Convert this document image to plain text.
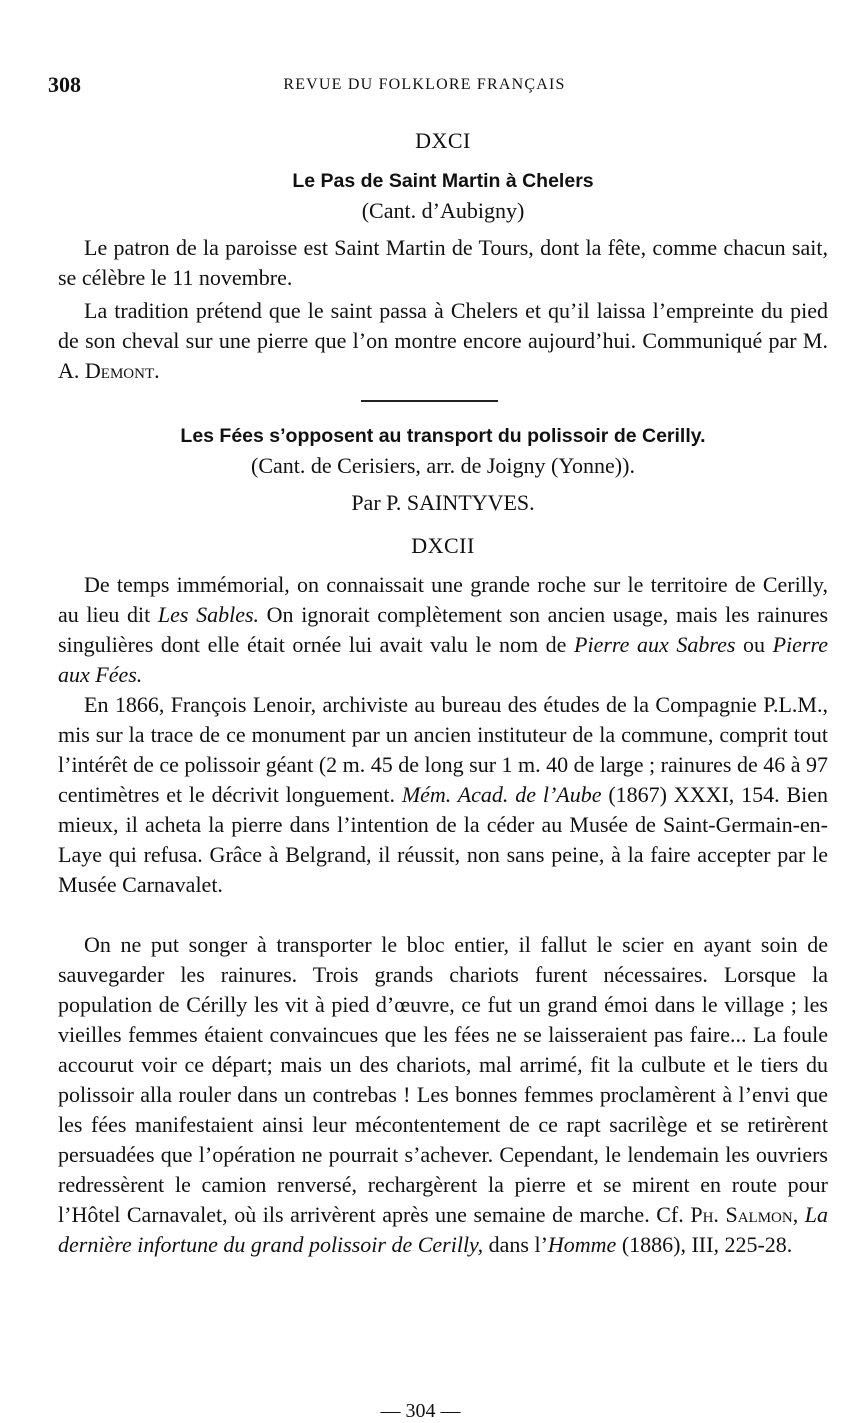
308	REVUE DU FOLKLORE FRANÇAIS
DXCI
Le Pas de Saint Martin à Chelers
(Cant. d’Aubigny)
Le patron de la paroisse est Saint Martin de Tours, dont la fête, comme chacun sait, se célèbre le 11 novembre.
La tradition prétend que le saint passa à Chelers et qu’il laissa l’empreinte du pied de son cheval sur une pierre que l’on montre encore aujourd’hui. Communiqué par M. A. Demont.
Les Fées s’opposent au transport du polissoir de Cerilly.
(Cant. de Cerisiers, arr. de Joigny (Yonne)).
Par P. SAINTYVES.
DXCII
De temps immémorial, on connaissait une grande roche sur le territoire de Cerilly, au lieu dit Les Sables. On ignorait complètement son ancien usage, mais les rainures singulières dont elle était ornée lui avait valu le nom de Pierre aux Sabres ou Pierre aux Fées.
En 1866, François Lenoir, archiviste au bureau des études de la Compagnie P.L.M., mis sur la trace de ce monument par un ancien instituteur de la commune, comprit tout l’intérêt de ce polissoir géant (2 m. 45 de long sur 1 m. 40 de large ; rainures de 46 à 97 centimètres et le décrivit longuement. Mém. Acad. de l’Aube (1867) XXXI, 154. Bien mieux, il acheta la pierre dans l’intention de la céder au Musée de Saint-Germain-en-Laye qui refusa. Grâce à Belgrand, il réussit, non sans peine, à la faire accepter par le Musée Carnavalet.
On ne put songer à transporter le bloc entier, il fallut le scier en ayant soin de sauvegarder les rainures. Trois grands chariots furent nécessaires. Lorsque la population de Cérilly les vit à pied d’œuvre, ce fut un grand émoi dans le village ; les vieilles femmes étaient convaincues que les fées ne se laisseraient pas faire... La foule accourut voir ce départ; mais un des chariots, mal arrimé, fit la culbute et le tiers du polissoir alla rouler dans un contrebas ! Les bonnes femmes proclamèrent à l’envi que les fées manifestaient ainsi leur mécontentement de ce rapt sacrilège et se retirèrent persuadées que l’opération ne pourrait s’achever. Cependant, le lendemain les ouvriers redressèrent le camion renversé, rechargèrent la pierre et se mirent en route pour l’Hôtel Carnavalet, où ils arrivèrent après une semaine de marche. Cf. Ph. Salmon, La dernière infortune du grand polissoir de Cerilly, dans l’Homme (1886), III, 225-28.
— 304 —
